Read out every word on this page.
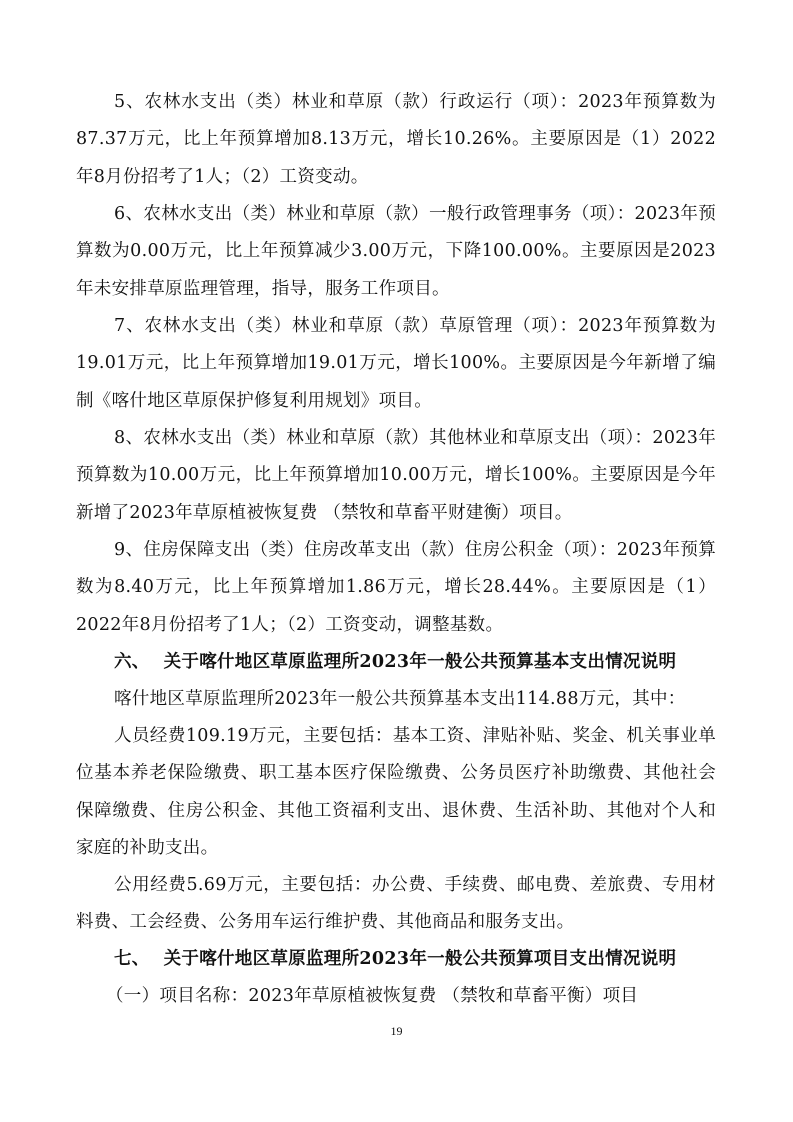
5、农林水支出（类）林业和草原（款）行政运行（项）：2023年预算数为87.37万元，比上年预算增加8.13万元，增长10.26%。主要原因是（1）2022年8月份招考了1人；（2）工资变动。

6、农林水支出（类）林业和草原（款）一般行政管理事务（项）：2023年预算数为0.00万元，比上年预算减少3.00万元，下降100.00%。主要原因是2023年未安排草原监理管理，指导，服务工作项目。

7、农林水支出（类）林业和草原（款）草原管理（项）：2023年预算数为19.01万元，比上年预算增加19.01万元，增长100%。主要原因是今年新增了编制《喀什地区草原保护修复利用规划》项目。

8、农林水支出（类）林业和草原（款）其他林业和草原支出（项）：2023年预算数为10.00万元，比上年预算增加10.00万元，增长100%。主要原因是今年新增了2023年草原植被恢复费 （禁牧和草畜平财建衡）项目。

9、住房保障支出（类）住房改革支出（款）住房公积金（项）：2023年预算数为8.40万元，比上年预算增加1.86万元，增长28.44%。主要原因是（1）2022年8月份招考了1人；（2）工资变动，调整基数。

六、 关于喀什地区草原监理所2023年一般公共预算基本支出情况说明

喀什地区草原监理所2023年一般公共预算基本支出114.88万元，其中：

人员经费109.19万元，主要包括：基本工资、津贴补贴、奖金、机关事业单位基本养老保险缴费、职工基本医疗保险缴费、公务员医疗补助缴费、其他社会保障缴费、住房公积金、其他工资福利支出、退休费、生活补助、其他对个人和家庭的补助支出。

公用经费5.69万元，主要包括：办公费、手续费、邮电费、差旅费、专用材料费、工会经费、公务用车运行维护费、其他商品和服务支出。

七、 关于喀什地区草原监理所2023年一般公共预算项目支出情况说明

（一）项目名称：2023年草原植被恢复费 （禁牧和草畜平衡）项目

19
